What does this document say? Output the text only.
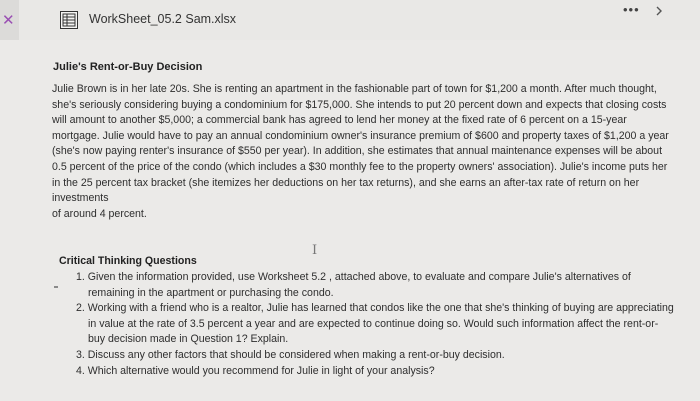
✕	WorkSheet_05.2 Sam.xlsx
•••
Julie's Rent-or-Buy Decision
Julie Brown is in her late 20s. She is renting an apartment in the fashionable part of town for $1,200 a month. After much thought,
she's seriously considering buying a condominium for $175,000. She intends to put 20 percent down and expects that closing costs
will amount to another $5,000; a commercial bank has agreed to lend her money at the fixed rate of 6 percent on a 15-year
mortgage. Julie would have to pay an annual condominium owner's insurance premium of $600 and property taxes of $1,200 a year
(she's now paying renter's insurance of $550 per year). In addition, she estimates that annual maintenance expenses will be about
0.5 percent of the price of the condo (which includes a $30 monthly fee to the property owners' association). Julie's income puts her
in the 25 percent tax bracket (she itemizes her deductions on her tax returns), and she earns an after-tax rate of return on her
investments
of around 4 percent.
I
Critical Thinking Questions
1. Given the information provided, use Worksheet 5.2 , attached above, to evaluate and compare Julie's alternatives of
remaining in the apartment or purchasing the condo.
2. Working with a friend who is a realtor, Julie has learned that condos like the one that she's thinking of buying are appreciating
in value at the rate of 3.5 percent a year and are expected to continue doing so. Would such information affect the rent-or-
buy decision made in Question 1? Explain.
3. Discuss any other factors that should be considered when making a rent-or-buy decision.
4. Which alternative would you recommend for Julie in light of your analysis?
